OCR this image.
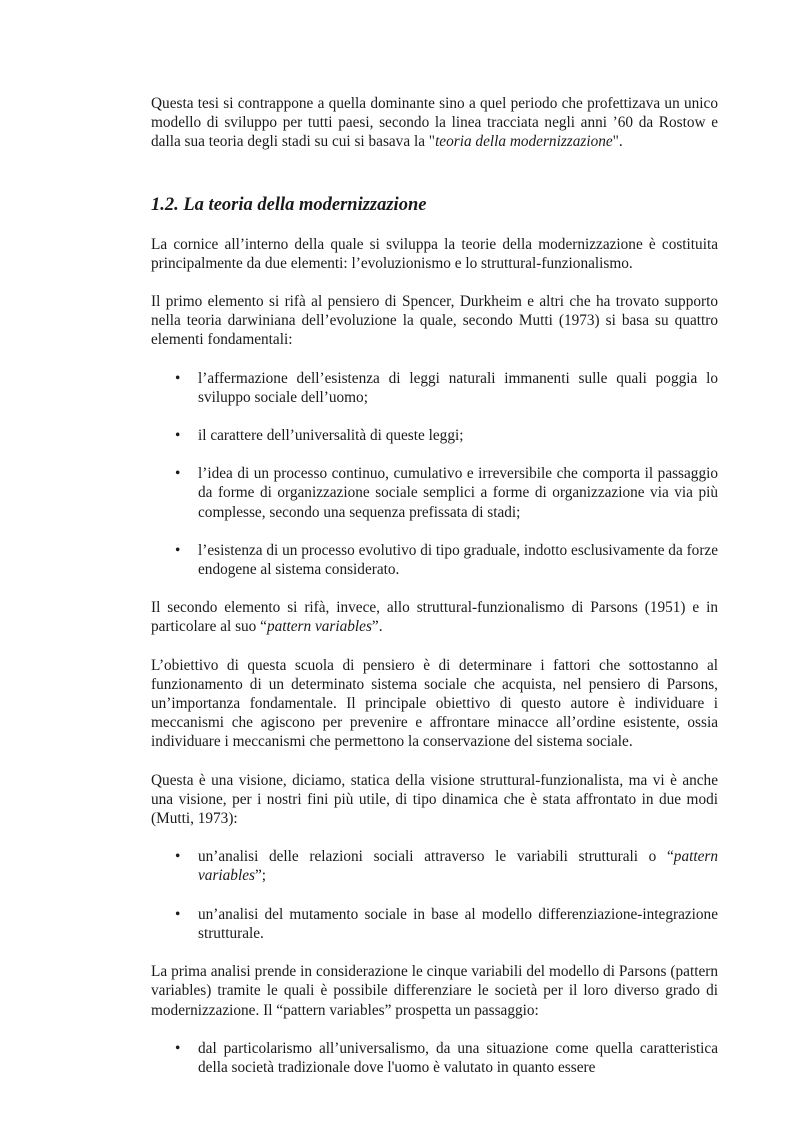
Questa tesi si contrappone a quella dominante sino a quel periodo che profettizava un unico modello di sviluppo per tutti paesi, secondo la linea tracciata negli anni ’60 da Rostow e dalla sua teoria degli stadi su cui si basava la "teoria della modernizzazione".

1.2. La teoria della modernizzazione

La cornice all’interno della quale si sviluppa la teorie della modernizzazione è costituita principalmente da due elementi: l’evoluzionismo e lo struttural-funzionalismo.

Il primo elemento si rifà al pensiero di Spencer, Durkheim e altri che ha trovato supporto nella teoria darwiniana dell’evoluzione la quale, secondo Mutti (1973) si basa su quattro elementi fondamentali:

• l’affermazione dell’esistenza di leggi naturali immanenti sulle quali poggia lo sviluppo sociale dell’uomo;
• il carattere dell’universalità di queste leggi;
• l’idea di un processo continuo, cumulativo e irreversibile che comporta il passaggio da forme di organizzazione sociale semplici a forme di organizzazione via via più complesse, secondo una sequenza prefissata di stadi;
• l’esistenza di un processo evolutivo di tipo graduale, indotto esclusivamente da forze endogene al sistema considerato.

Il secondo elemento si rifà, invece, allo struttural-funzionalismo di Parsons (1951) e in particolare al suo “pattern variables”.

L’obiettivo di questa scuola di pensiero è di determinare i fattori che sottostanno al funzionamento di un determinato sistema sociale che acquista, nel pensiero di Parsons, un’importanza fondamentale. Il principale obiettivo di questo autore è individuare i meccanismi che agiscono per prevenire e affrontare minacce all’ordine esistente, ossia individuare i meccanismi che permettono la conservazione del sistema sociale.

Questa è una visione, diciamo, statica della visione struttural-funzionalista, ma vi è anche una visione, per i nostri fini più utile, di tipo dinamica che è stata affrontato in due modi (Mutti, 1973):

• un’analisi delle relazioni sociali attraverso le variabili strutturali o “pattern variables”;
• un’analisi del mutamento sociale in base al modello differenziazione-integrazione strutturale.

La prima analisi prende in considerazione le cinque variabili del modello di Parsons (pattern variables) tramite le quali è possibile differenziare le società per il loro diverso grado di modernizzazione. Il “pattern variables” prospetta un passaggio:

• dal particolarismo all’universalismo, da una situazione come quella caratteristica della società tradizionale dove l'uomo è valutato in quanto essere
